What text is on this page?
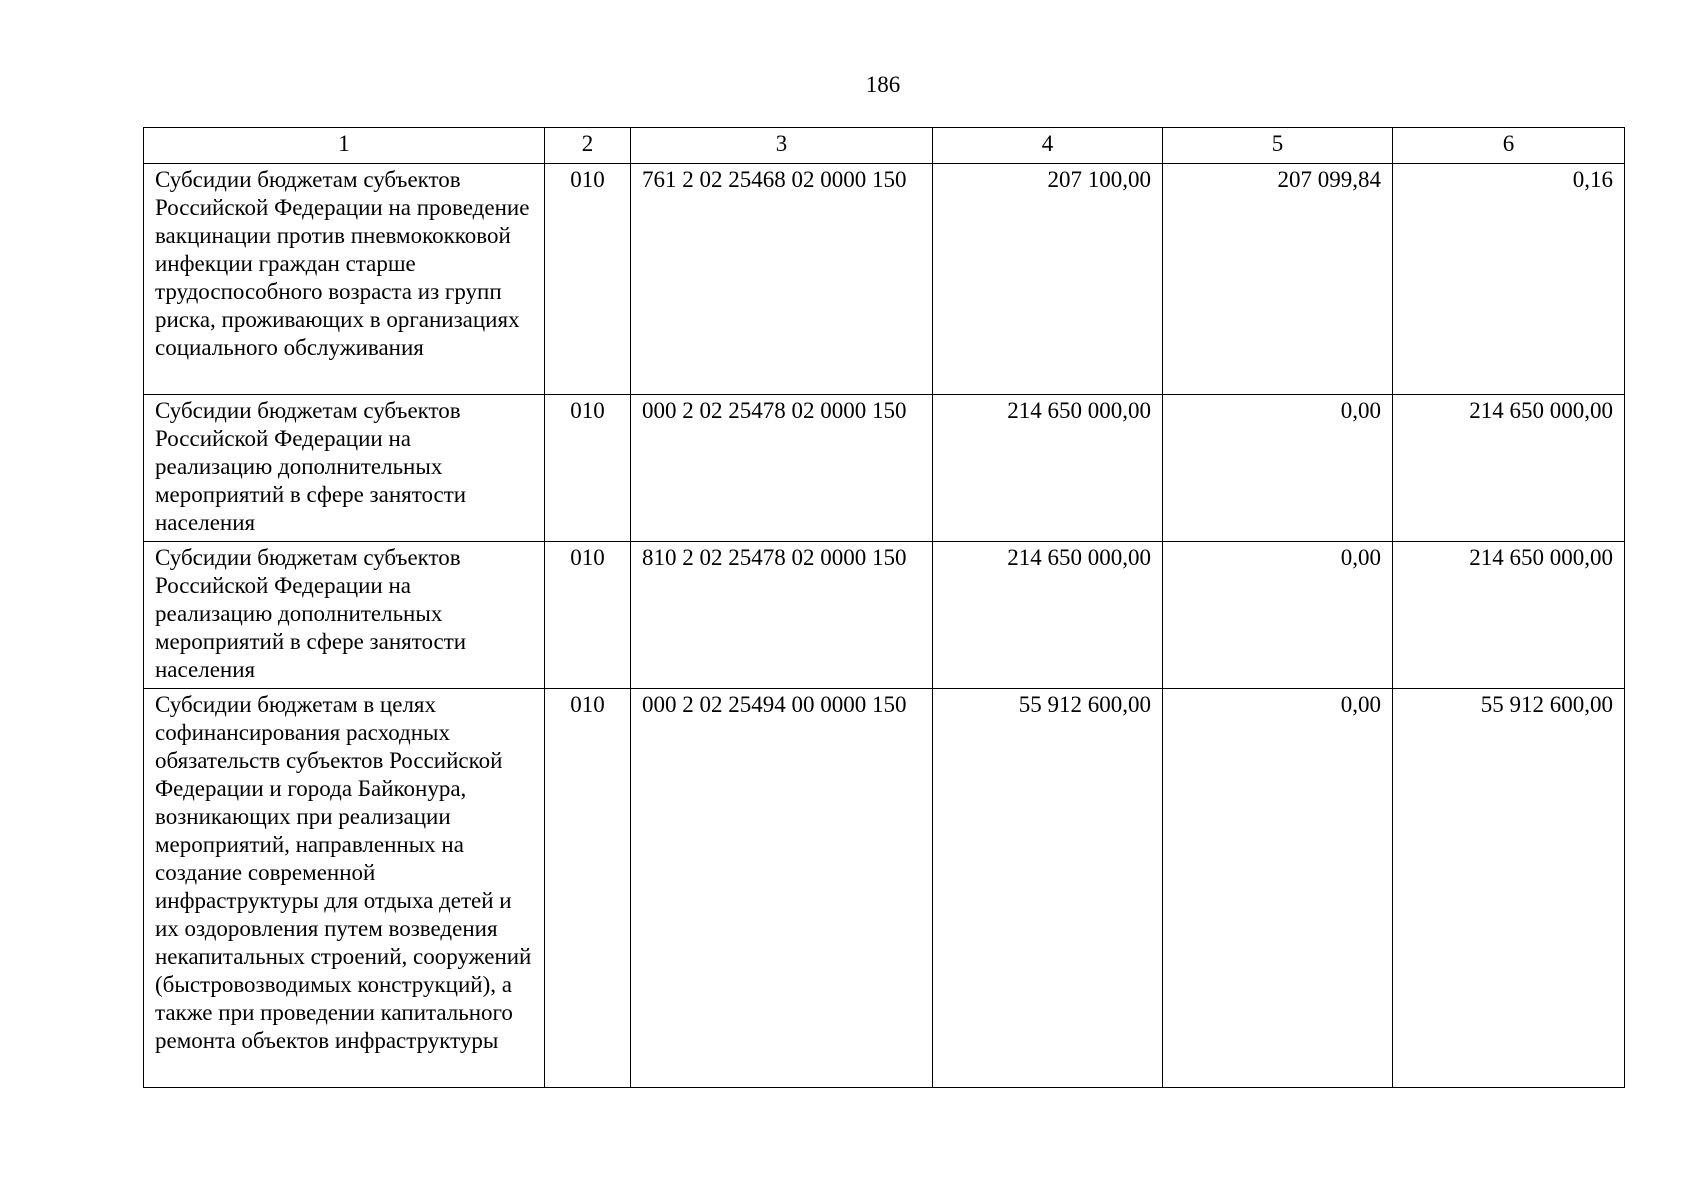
186
1	2	3	4	5	6
Субсидии бюджетам субъектов Российской Федерации на проведение вакцинации против пневмококковой инфекции граждан старше трудоспособного возраста из групп риска, проживающих в организациях социального обслуживания	010	761 2 02 25468 02 0000 150	207 100,00	207 099,84	0,16
Субсидии бюджетам субъектов Российской Федерации на реализацию дополнительных мероприятий в сфере занятости населения	010	000 2 02 25478 02 0000 150	214 650 000,00	0,00	214 650 000,00
Субсидии бюджетам субъектов Российской Федерации на реализацию дополнительных мероприятий в сфере занятости населения	010	810 2 02 25478 02 0000 150	214 650 000,00	0,00	214 650 000,00
Субсидии бюджетам в целях софинансирования расходных обязательств субъектов Российской Федерации и города Байконура, возникающих при реализации мероприятий, направленных на создание современной инфраструктуры для отдыха детей и их оздоровления путем возведения некапитальных строений, сооружений (быстровозводимых конструкций), а также при проведении капитального ремонта объектов инфраструктуры	010	000 2 02 25494 00 0000 150	55 912 600,00	0,00	55 912 600,00
